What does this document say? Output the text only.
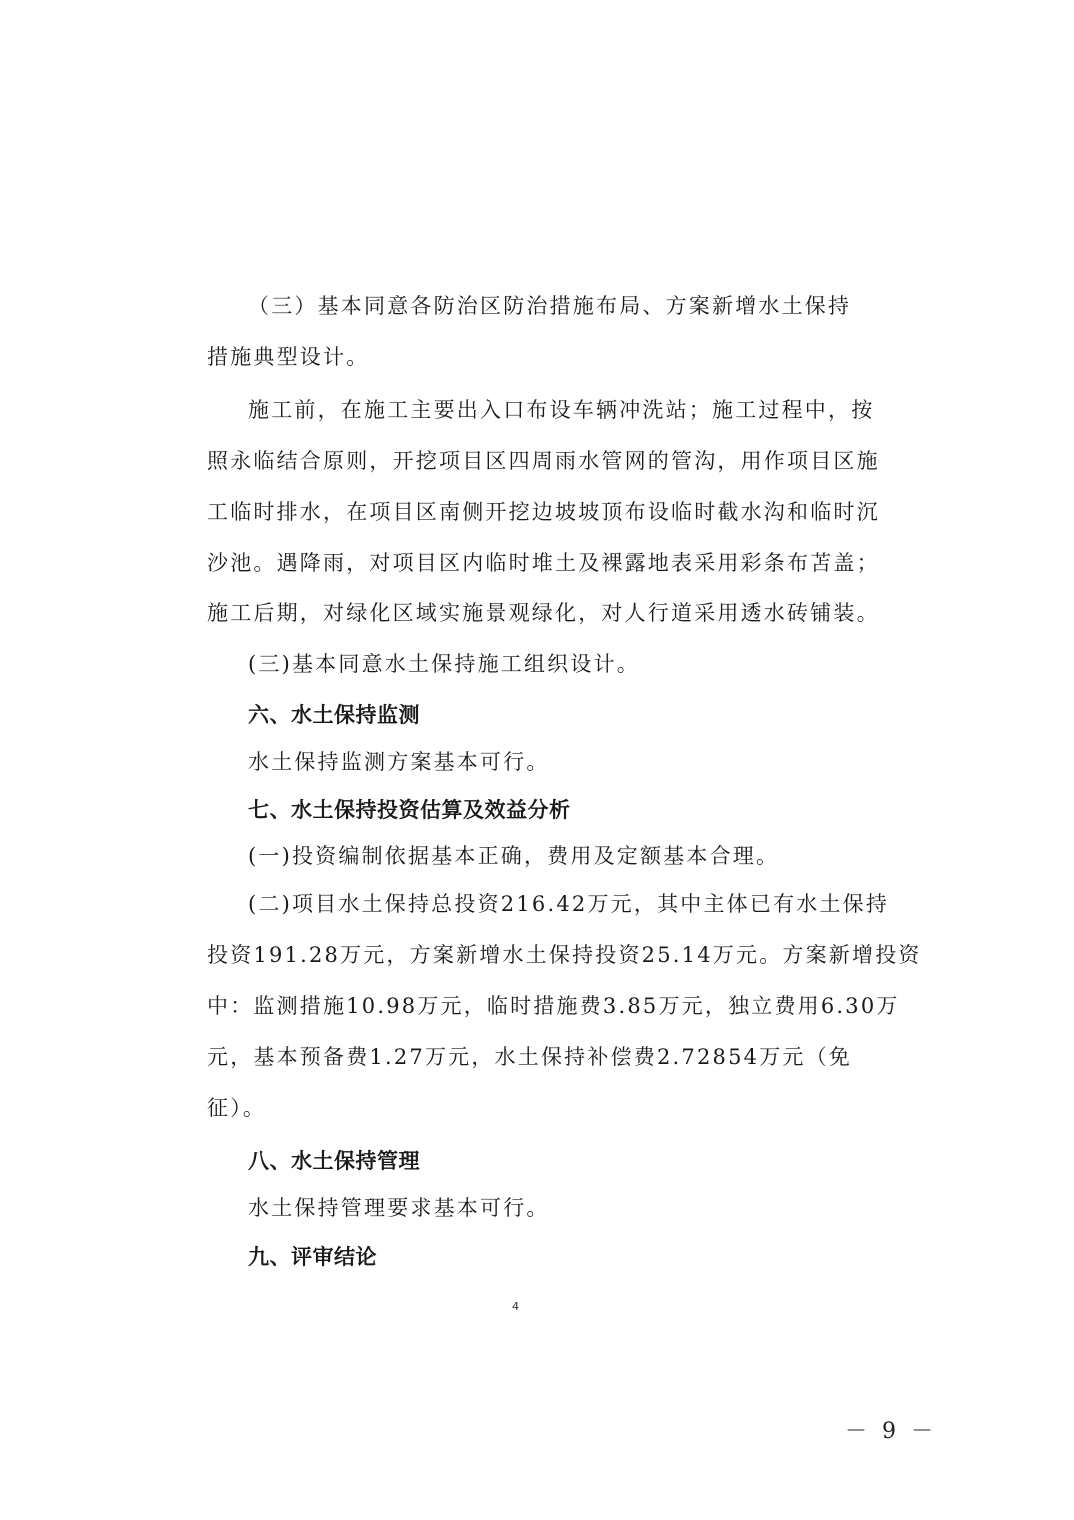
（三）基本同意各防治区防治措施布局、方案新增水土保持
措施典型设计。
施工前，在施工主要出入口布设车辆冲洗站；施工过程中，按
照永临结合原则，开挖项目区四周雨水管网的管沟，用作项目区施
工临时排水，在项目区南侧开挖边坡坡顶布设临时截水沟和临时沉
沙池。遇降雨，对项目区内临时堆土及裸露地表采用彩条布苫盖；
施工后期，对绿化区域实施景观绿化，对人行道采用透水砖铺装。
(三)基本同意水土保持施工组织设计。
六、水土保持监测
水土保持监测方案基本可行。
七、水土保持投资估算及效益分析
(一)投资编制依据基本正确，费用及定额基本合理。
(二)项目水土保持总投资216.42万元，其中主体已有水土保持
投资191.28万元，方案新增水土保持投资25.14万元。方案新增投资
中：监测措施10.98万元，临时措施费3.85万元，独立费用6.30万
元，基本预备费1.27万元，水土保持补偿费2.72854万元（免
征）。
八、水土保持管理
水土保持管理要求基本可行。
九、评审结论
4
－ 9 －
